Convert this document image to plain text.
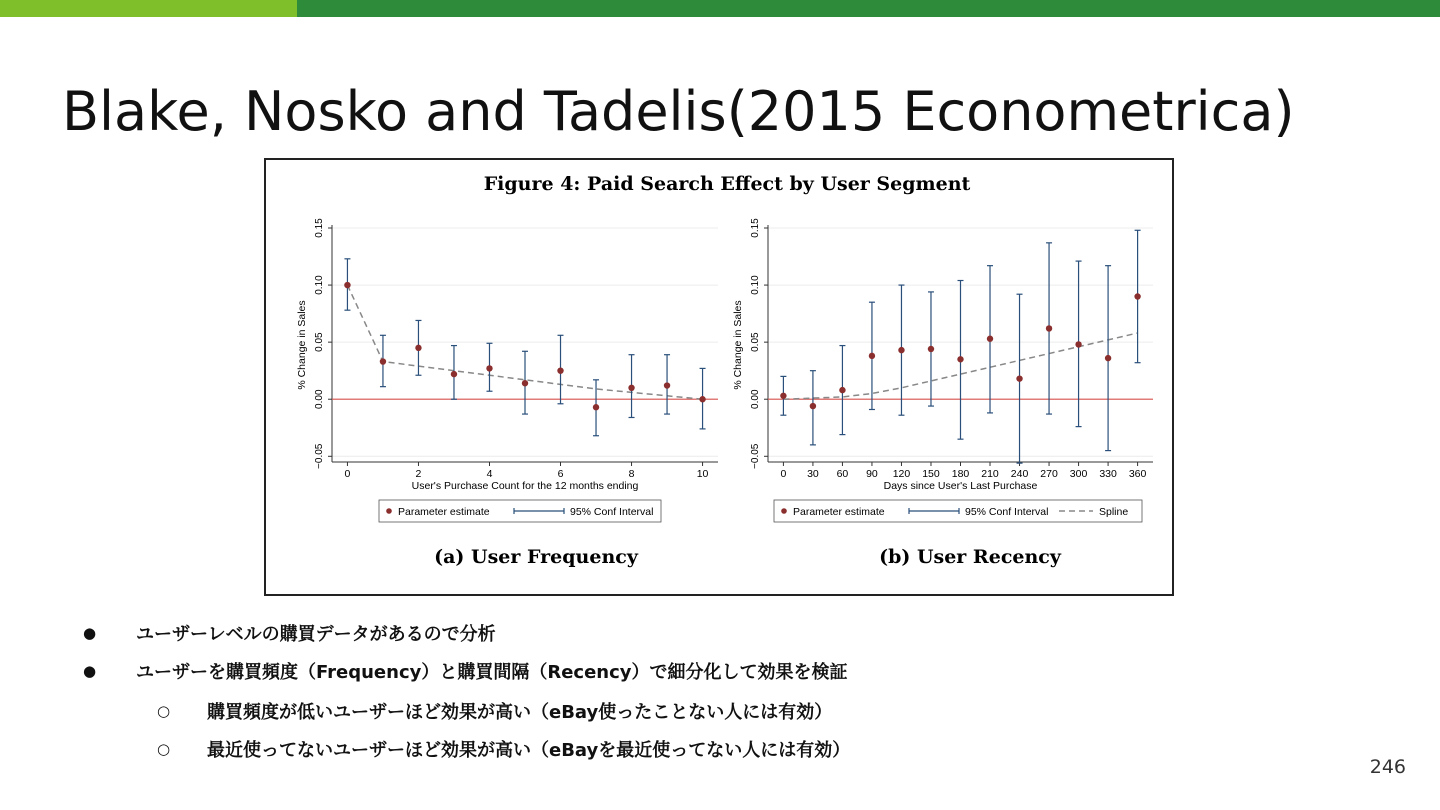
Blake, Nosko and Tadelis(2015 Econometrica)
Figure 4: Paid Search Effect by User Segment
−0.05
0.00
0.05
0.10
0.15
% Change in Sales
0	2	4	6	8	10
User's Purchase Count for the 12 months ending
Parameter estimate	95% Conf Interval
(a) User Frequency
−0.05
0.00
0.05
0.10
0.15
% Change in Sales
0 30 60 90 120 150 180 210 240 270 300 330 360
Days since User's Last Purchase
Parameter estimate	95% Conf Interval	Spline
(b) User Recency
● ユーザーレベルの購買データがあるので分析
● ユーザーを購買頻度（Frequency）と購買間隔（Recency）で細分化して効果を検証
○ 購買頻度が低いユーザーほど効果が高い（eBay使ったことない人には有効）
○ 最近使ってないユーザーほど効果が高い（eBayを最近使ってない人には有効）
246
